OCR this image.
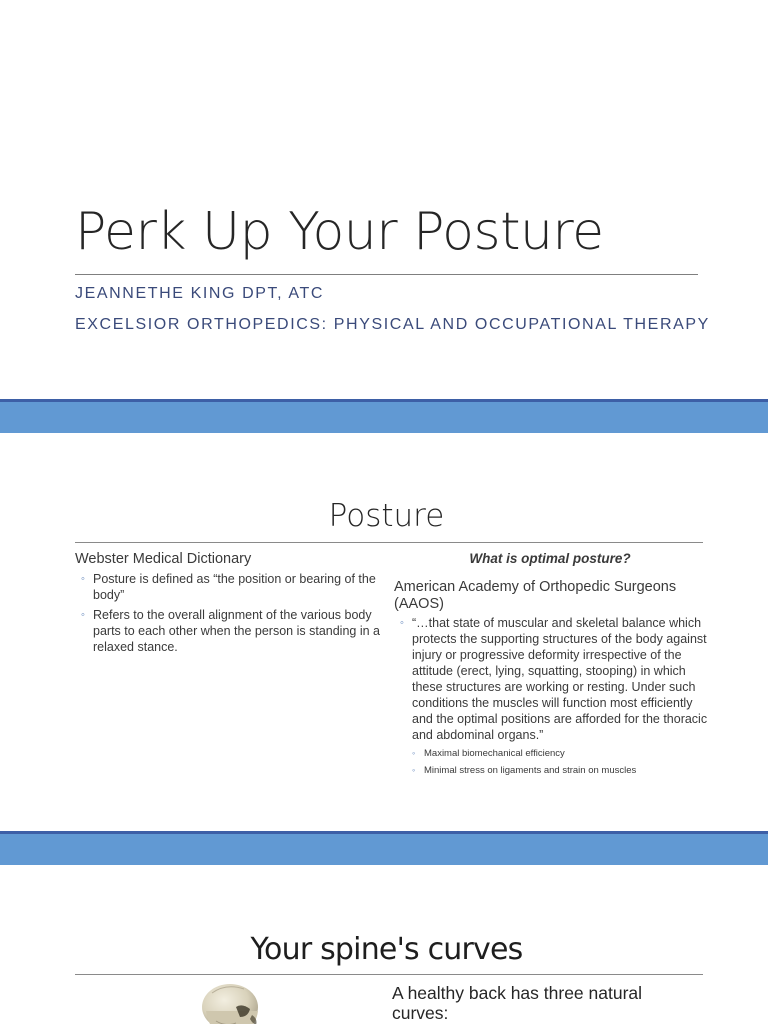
Perk Up Your Posture
JEANNETHE KING DPT, ATC
EXCELSIOR ORTHOPEDICS: PHYSICAL AND OCCUPATIONAL THERAPY
Posture
Webster Medical Dictionary
◦ Posture is defined as “the position or bearing of the body”
◦ Refers to the overall alignment of the various body parts to each other when the person is standing in a relaxed stance.
What is optimal posture?
American Academy of Orthopedic Surgeons (AAOS)
◦ “…that state of muscular and skeletal balance which protects the supporting structures of the body against injury or progressive deformity irrespective of the attitude (erect, lying, squatting, stooping) in which these structures are working or resting. Under such conditions the muscles will function most efficiently and the optimal positions are afforded for the thoracic and abdominal organs.”
◦ Maximal biomechanical efficiency
◦ Minimal stress on ligaments and strain on muscles
Your spine's curves
A healthy back has three natural curves:
